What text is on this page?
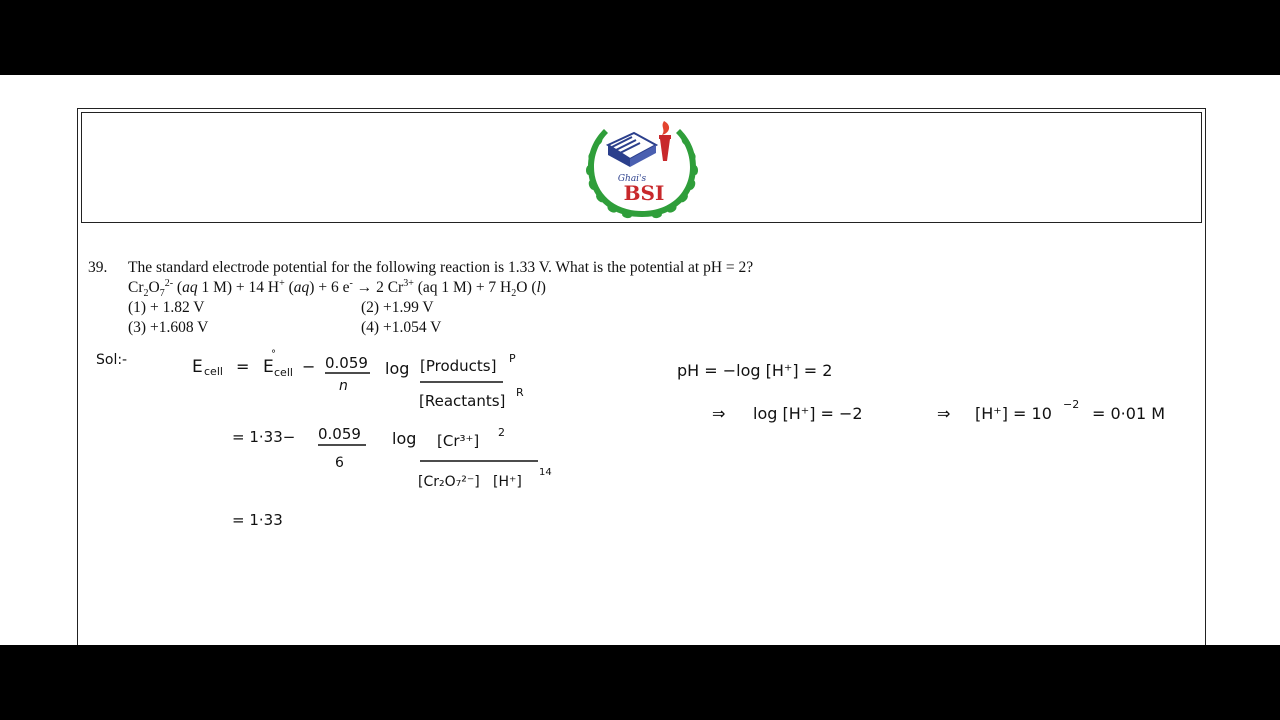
Ghai's
BSI
39. The standard electrode potential for the following reaction is 1.33 V. What is the potential at pH = 2?
$Cr_2O_7^{2-}$ (aq 1 M) + 14 H+ (aq) + 6 e- → 2 $Cr^{3+}$ (aq 1 M) + 7 $H_2O$ (l)
(1) + 1.82 V	(2) +1.99 V
(3) +1.608 V	(4) +1.054 V
Sol:-	E cell = E
°
cell − 0.059
n
log [Products] P
[Reactants] R
= 1·33− 0.059
6
log [Cr³⁺] 2
[Cr₂O₇²⁻] [H⁺]
14
= 1·33
pH = −log [H⁺] = 2
⇒ log [H⁺] = −2	⇒ [H⁺] = 10 −2 = 0·01 M
